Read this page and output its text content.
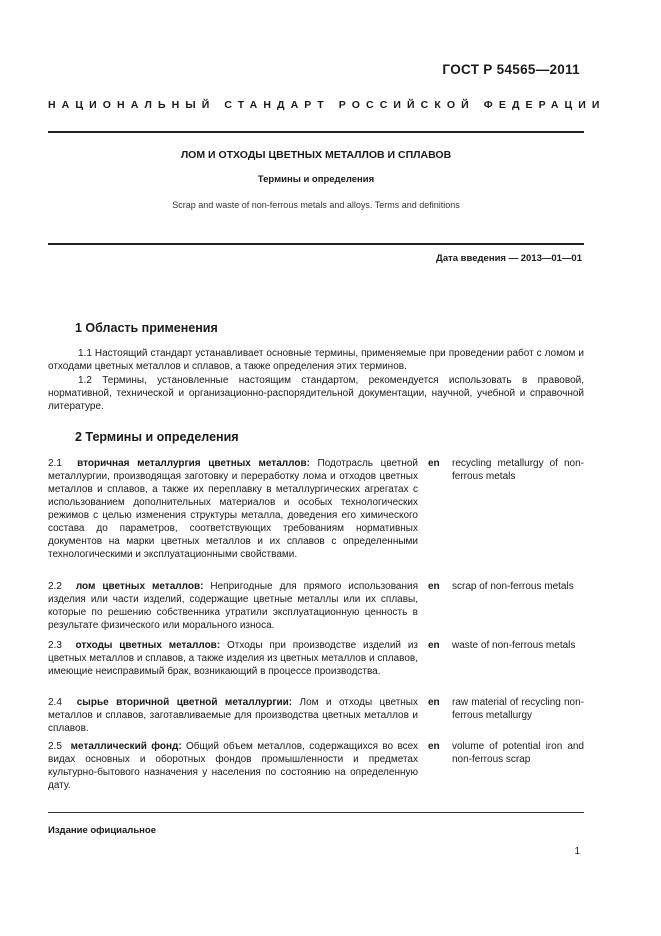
ГОСТ Р 54565—2011
НАЦИОНАЛЬНЫЙ СТАНДАРТ РОССИЙСКОЙ ФЕДЕРАЦИИ
ЛОМ И ОТХОДЫ ЦВЕТНЫХ МЕТАЛЛОВ И СПЛАВОВ
Термины и определения
Scrap and waste of non-ferrous metals and alloys. Terms and definitions
Дата введения — 2013—01—01
1 Область применения
1.1 Настоящий стандарт устанавливает основные термины, применяемые при проведении работ с ломом и отходами цветных металлов и сплавов, а также определения этих терминов.
1.2 Термины, установленные настоящим стандартом, рекомендуется использовать в правовой, нормативной, технической и организационно-распорядительной документации, научной, учебной и справочной литературе.
2 Термины и определения
2.1 вторичная металлургия цветных металлов: Подотрасль цветной металлургии, производящая заготовку и переработку лома и отходов цветных металлов и сплавов, а также их переплавку в металлургических агрегатах с использованием дополнительных материалов и особых технологических режимов с целью изменения структуры металла, доведения его химического состава до параметров, соответствующих требованиям нормативных документов на марки цветных металлов и их сплавов с определенными технологическими и эксплуатационными свойствами.
en recycling metallurgy of non-ferrous metals
2.2 лом цветных металлов: Непригодные для прямого использования изделия или части изделий, содержащие цветные металлы или их сплавы, которые по решению собственника утратили эксплуатационную ценность в результате физического или морального износа.
en scrap of non-ferrous metals
2.3 отходы цветных металлов: Отходы при производстве изделий из цветных металлов и сплавов, а также изделия из цветных металлов и сплавов, имеющие неисправимый брак, возникающий в процессе производства.
en waste of non-ferrous metals
2.4 сырье вторичной цветной металлургии: Лом и отходы цветных металлов и сплавов, заготавливаемые для производства цветных металлов и сплавов.
en raw material of recycling non-ferrous metallurgy
2.5 металлический фонд: Общий объем металлов, содержащихся во всех видах основных и оборотных фондов промышленности и предметах культурно-бытового назначения у населения по состоянию на определенную дату.
en volume of potential iron and non-ferrous scrap
Издание официальное
1
